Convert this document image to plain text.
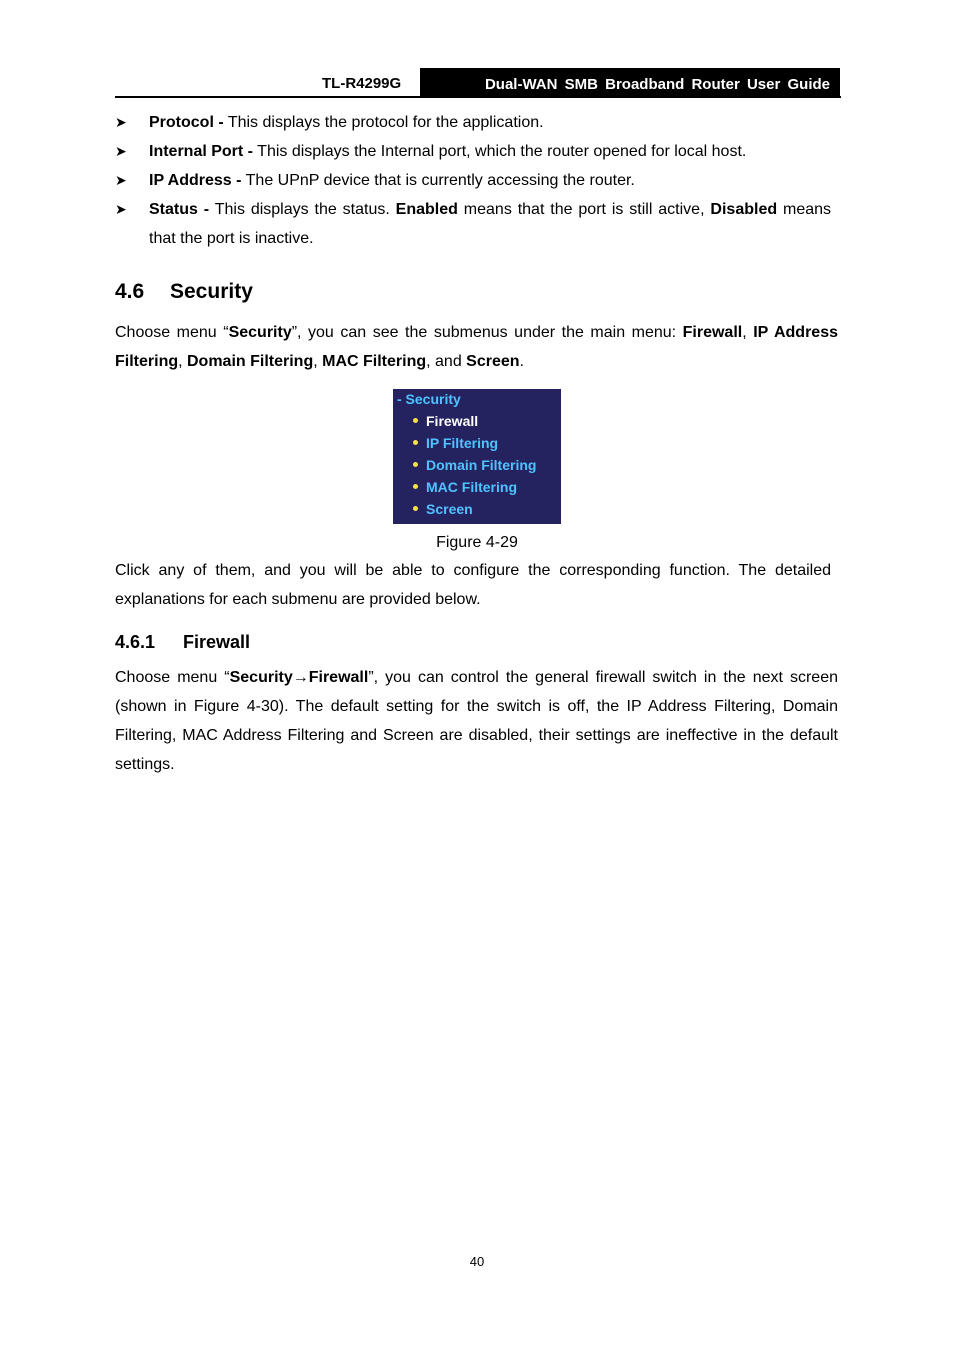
TL-R4299G	Dual-WAN SMB Broadband Router User Guide
➤	Protocol - This displays the protocol for the application.
➤	Internal Port - This displays the Internal port, which the router opened for local host.
➤	IP Address - The UPnP device that is currently accessing the router.
➤	Status - This displays the status. Enabled means that the port is still active, Disabled means that the port is inactive.
4.6 Security
Choose menu “Security”, you can see the submenus under the main menu: Firewall, IP Address Filtering, Domain Filtering, MAC Filtering, and Screen.
- Security
Firewall
IP Filtering
Domain Filtering
MAC Filtering
Screen
Figure 4-29
Click any of them, and you will be able to configure the corresponding function. The detailed explanations for each submenu are provided below.
4.6.1 Firewall
Choose menu “Security→Firewall”, you can control the general firewall switch in the next screen (shown in Figure 4-30). The default setting for the switch is off, the IP Address Filtering, Domain Filtering, MAC Address Filtering and Screen are disabled, their settings are ineffective in the default settings.
40
